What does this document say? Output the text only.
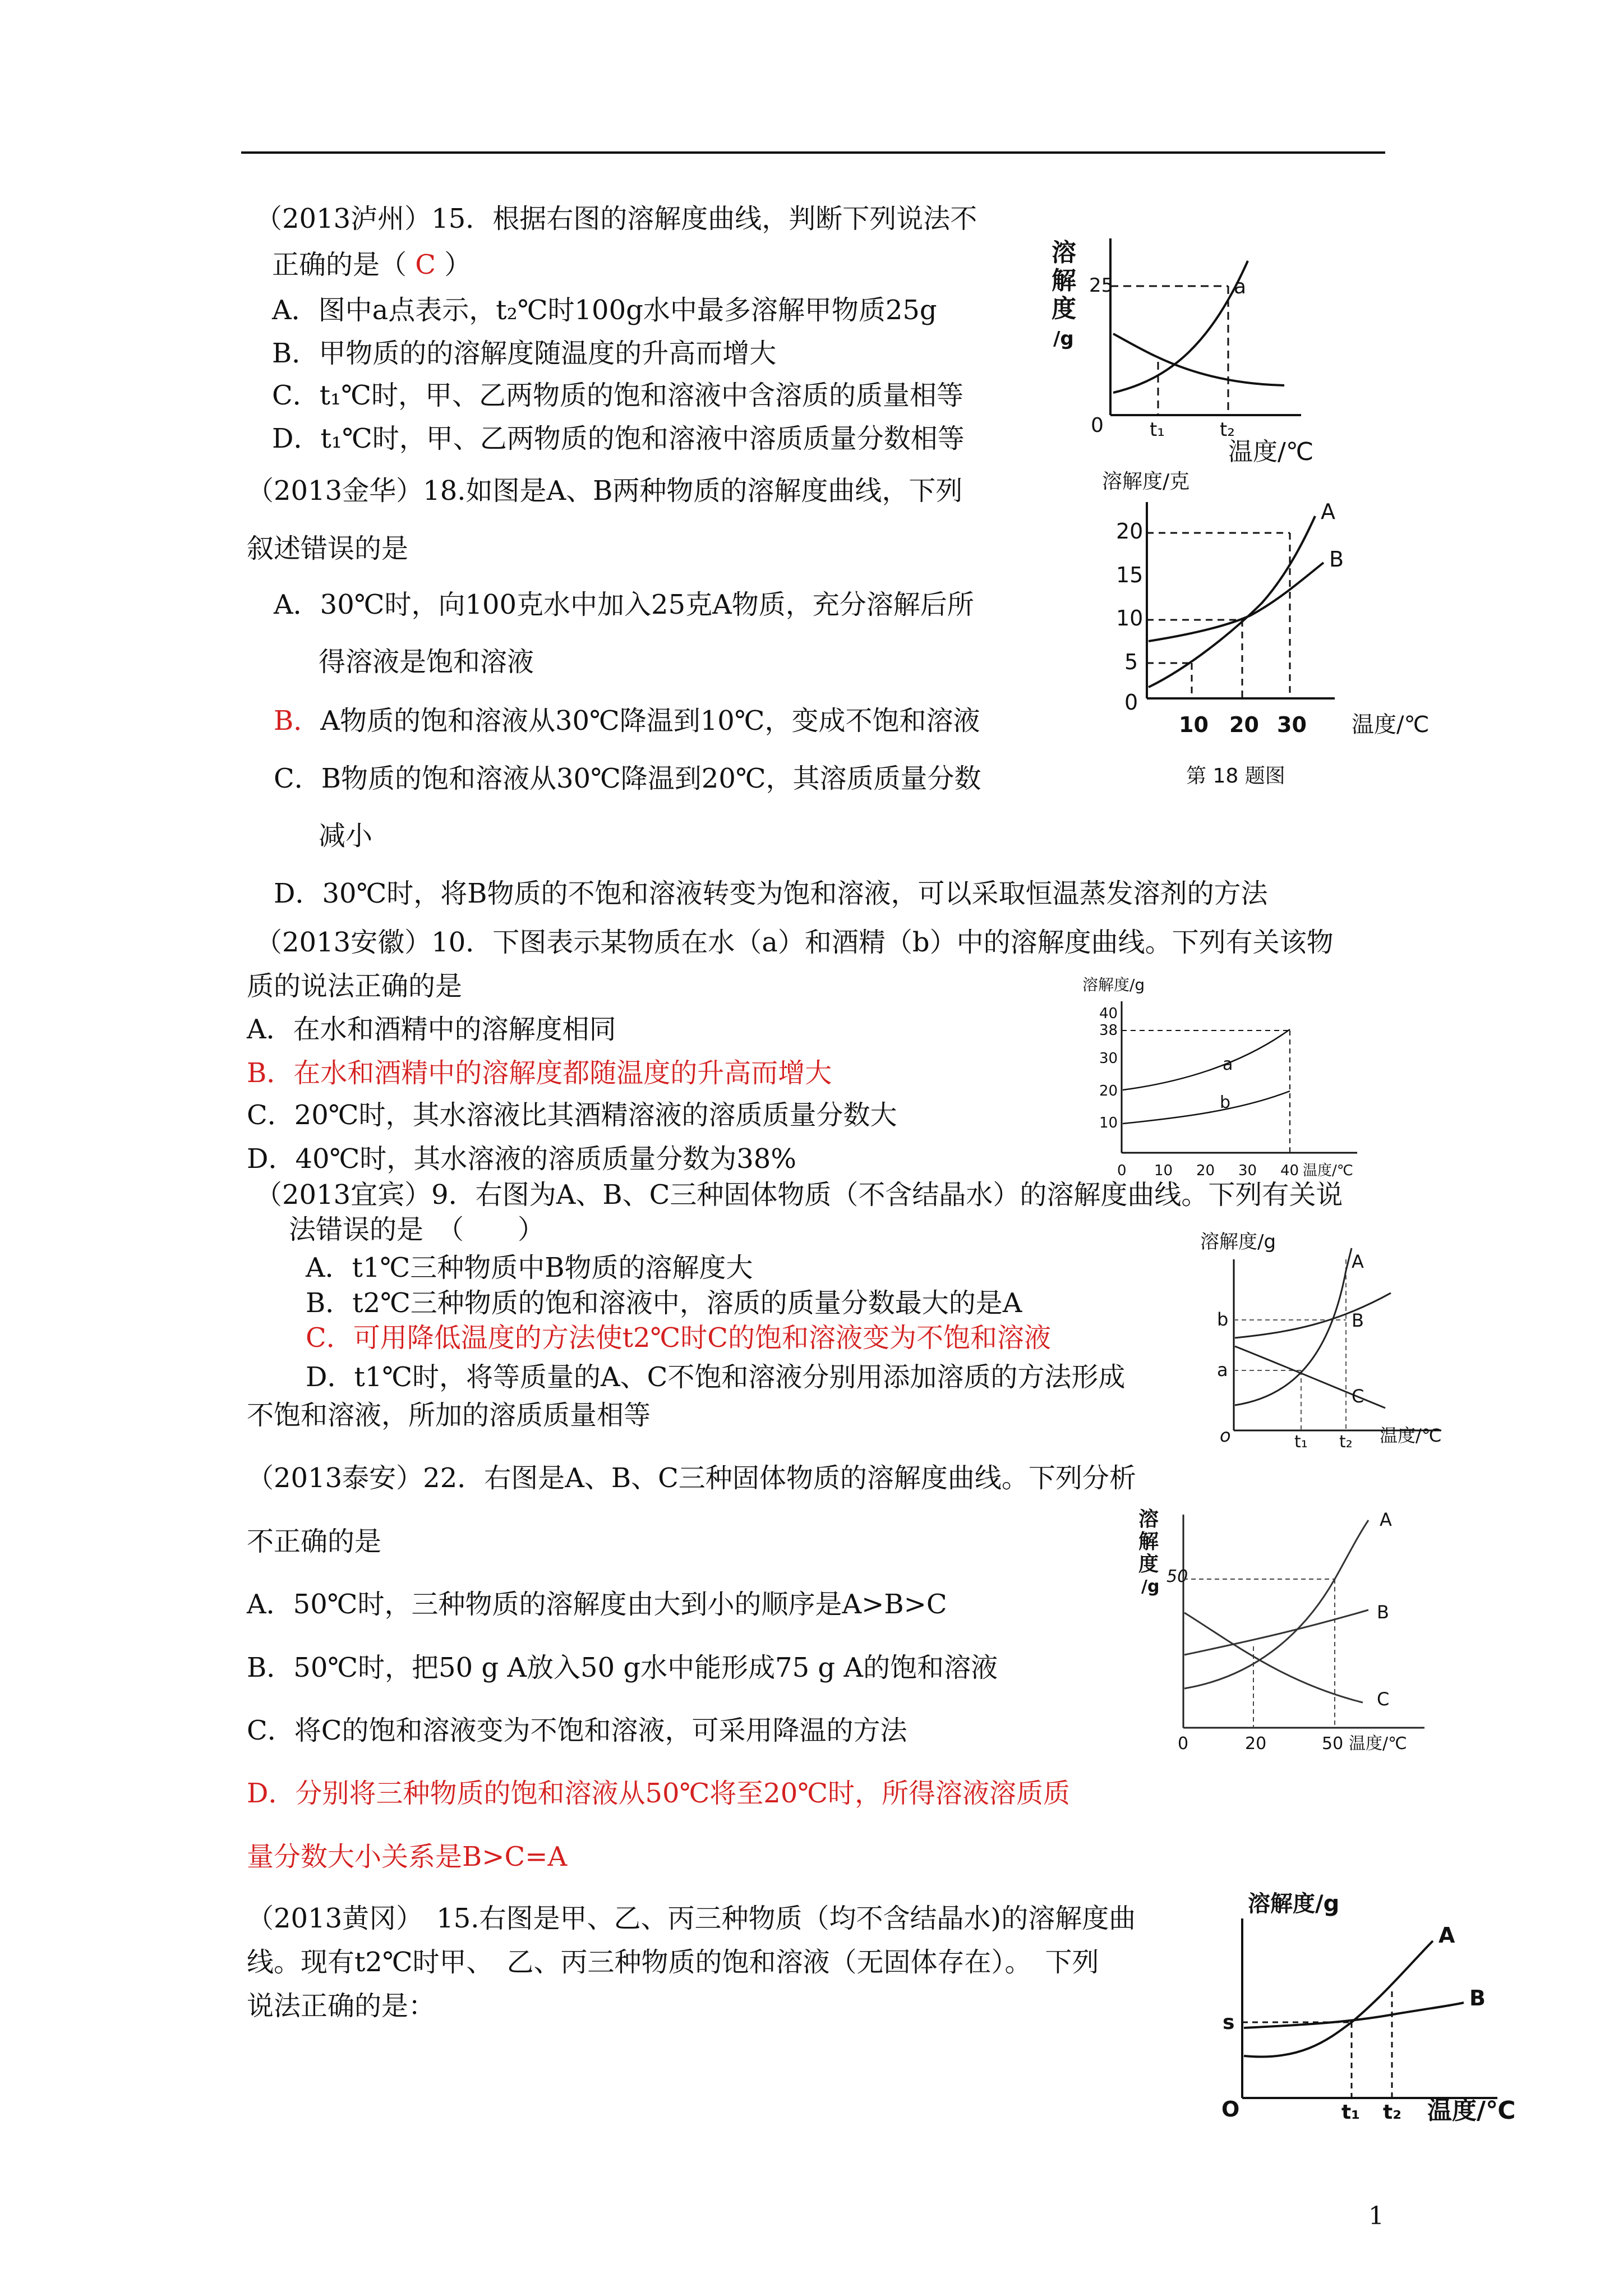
（2013泸州）15．根据右图的溶解度曲线，判断下列说法不
正确的是（ C ）
A．图中a点表示，t₂℃时100g水中最多溶解甲物质25g
B．甲物质的的溶解度随温度的升高而增大
C．t₁℃时，甲、乙两物质的饱和溶液中含溶质的质量相等
D．t₁℃时，甲、乙两物质的饱和溶液中溶质质量分数相等
溶
解
度
/g
25	a
0 t₁	t₂
温度/℃
（2013金华）18.如图是A、B两种物质的溶解度曲线，下列
叙述错误的是
A．30℃时，向100克水中加入25克A物质，充分溶解后所
得溶液是饱和溶液
B．A物质的饱和溶液从30℃降温到10℃，变成不饱和溶液
C．B物质的饱和溶液从30℃降温到20℃，其溶质质量分数
减小
D．30℃时，将B物质的不饱和溶液转变为饱和溶液，可以采取恒温蒸发溶剂的方法
溶解度/克
20
15
10
5
0
A
B
10 20 30 温度/℃
第 18 题图
（2013安徽）10．下图表示某物质在水（a）和酒精（b）中的溶解度曲线。下列有关该物
质的说法正确的是
A．在水和酒精中的溶解度相同
B．在水和酒精中的溶解度都随温度的升高而增大
C．20℃时，其水溶液比其酒精溶液的溶质质量分数大
D．40℃时，其水溶液的溶质质量分数为38%
溶解度/g
40
38
30
20
10
a
b
0 10 20 30 40 温度/℃
（2013宜宾）9．右图为A、B、C三种固体物质（不含结晶水）的溶解度曲线。下列有关说
法错误的是　（　　）
A．t1℃三种物质中B物质的溶解度大
B．t2℃三种物质的饱和溶液中，溶质的质量分数最大的是A
C．可用降低温度的方法使t2℃时C的饱和溶液变为不饱和溶液
D．t1℃时，将等质量的A、C不饱和溶液分别用添加溶质的方法形成
不饱和溶液，所加的溶质质量相等
溶解度/g
b
a
A
B
C
o	t₁ t₂ 温度/℃
（2013泰安）22．右图是A、B、C三种固体物质的溶解度曲线。下列分析
不正确的是
A．50℃时，三种物质的溶解度由大到小的顺序是A>B>C
B．50℃时，把50 g A放入50 g水中能形成75 g A的饱和溶液
C．将C的饱和溶液变为不饱和溶液，可采用降温的方法
D．分别将三种物质的饱和溶液从50℃将至20℃时，所得溶液溶质质
量分数大小关系是B>C=A
溶
解
度
/g
50
A
B
C
0	20	50 温度/℃
（2013黄冈）　15.右图是甲、乙、丙三种物质（均不含结晶水)的溶解度曲
线。现有t2℃时甲、　乙、丙三种物质的饱和溶液（无固体存在）。　下列
说法正确的是：
溶解度/g
s
A
B
O	t₁ t₂ 温度/℃
1
